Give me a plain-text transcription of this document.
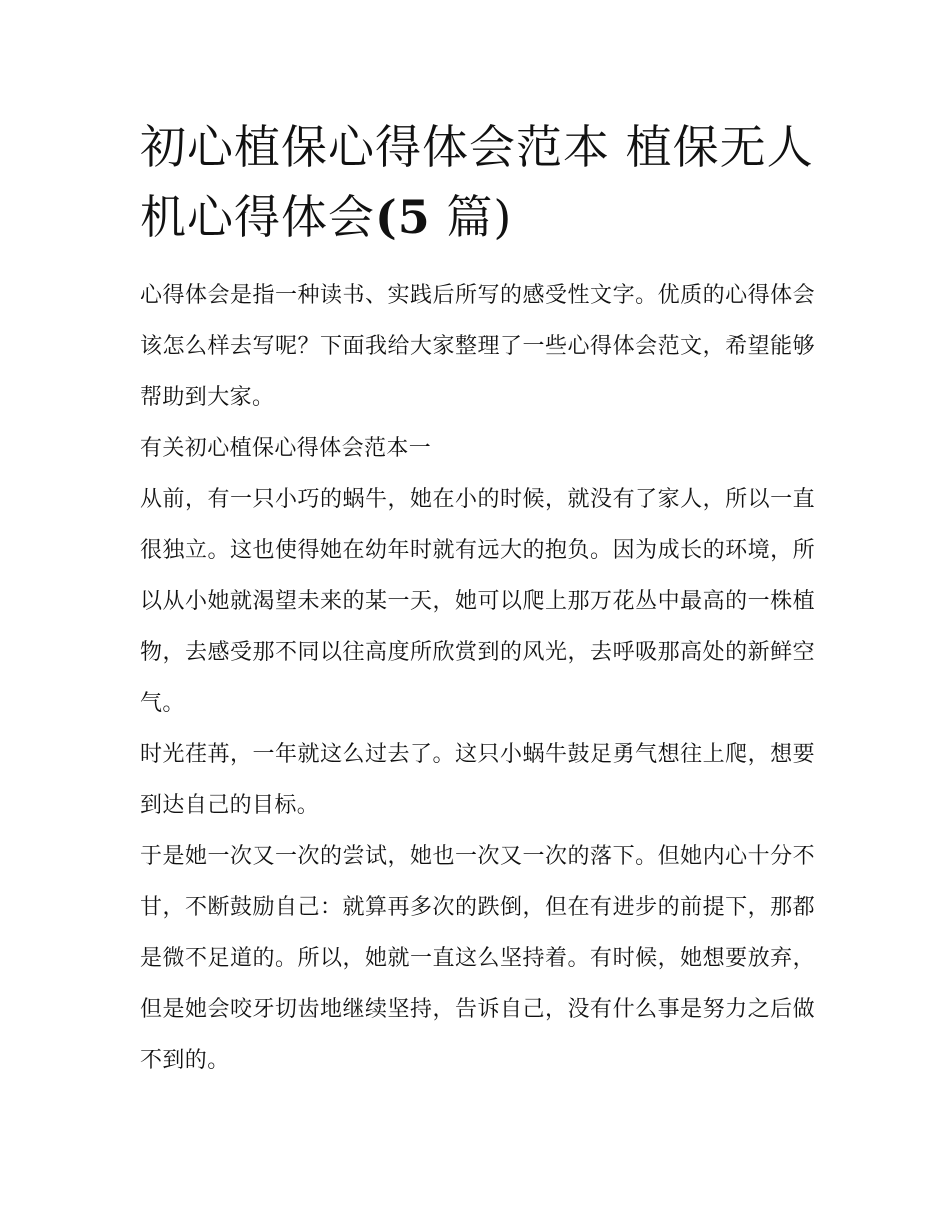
初心植保心得体会范本 植保无人机心得体会(5 篇)

心得体会是指一种读书、实践后所写的感受性文字。优质的心得体会该怎么样去写呢？下面我给大家整理了一些心得体会范文，希望能够帮助到大家。

有关初心植保心得体会范本一

从前，有一只小巧的蜗牛，她在小的时候，就没有了家人，所以一直很独立。这也使得她在幼年时就有远大的抱负。因为成长的环境，所以从小她就渴望未来的某一天，她可以爬上那万花丛中最高的一株植物，去感受那不同以往高度所欣赏到的风光，去呼吸那高处的新鲜空气。

时光荏苒，一年就这么过去了。这只小蜗牛鼓足勇气想往上爬，想要到达自己的目标。

于是她一次又一次的尝试，她也一次又一次的落下。但她内心十分不甘，不断鼓励自己：就算再多次的跌倒，但在有进步的前提下，那都是微不足道的。所以，她就一直这么坚持着。有时候，她想要放弃，但是她会咬牙切齿地继续坚持，告诉自己，没有什么事是努力之后做不到的。
